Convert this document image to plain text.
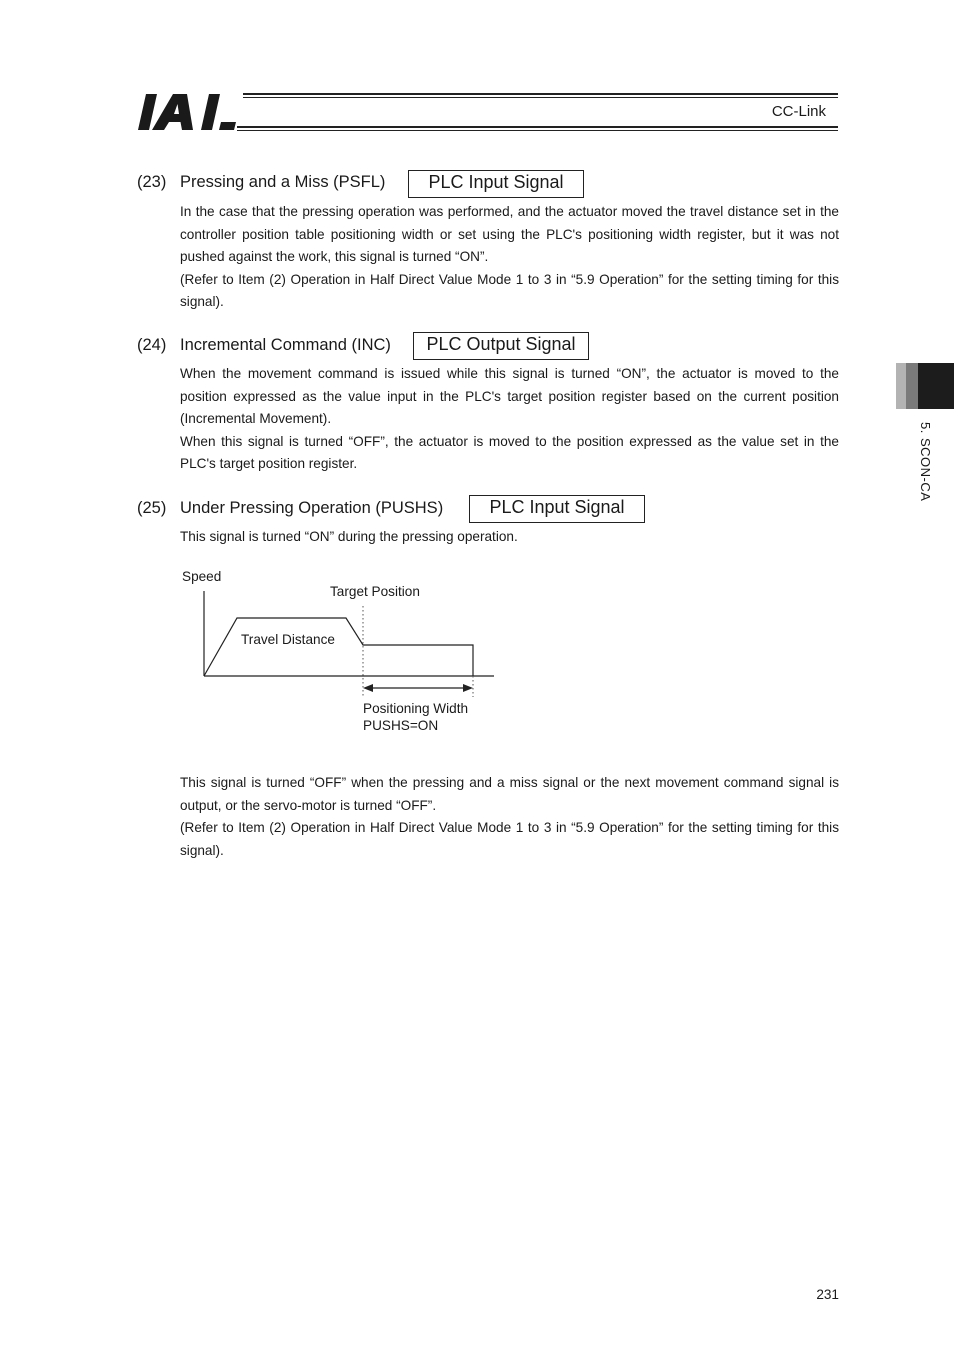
CC-Link
5. SCON-CA
(23) Pressing and a Miss (PSFL)	PLC Input Signal

In the case that the pressing operation was performed, and the actuator moved the travel distance set in the controller position table positioning width or set using the PLC's positioning width register, but it was not pushed against the work, this signal is turned “ON”.

(Refer to Item (2) Operation in Half Direct Value Mode 1 to 3 in “5.9 Operation” for the setting timing for this signal).

(24) Incremental Command (INC)	PLC Output Signal

When the movement command is issued while this signal is turned “ON”, the actuator is moved to the position expressed as the value input in the PLC's target position register based on the current position (Incremental Movement).

When this signal is turned “OFF”, the actuator is moved to the position expressed as the value set in the PLC's target position register.

(25) Under Pressing Operation (PUSHS)	PLC Input Signal

This signal is turned “ON” during the pressing operation.

Speed
Target Position
Travel Distance
Positioning Width
PUSHS=ON

This signal is turned “OFF” when the pressing and a miss signal or the next movement command signal is output, or the servo-motor is turned “OFF”.

(Refer to Item (2) Operation in Half Direct Value Mode 1 to 3 in “5.9 Operation” for the setting timing for this signal).

231
